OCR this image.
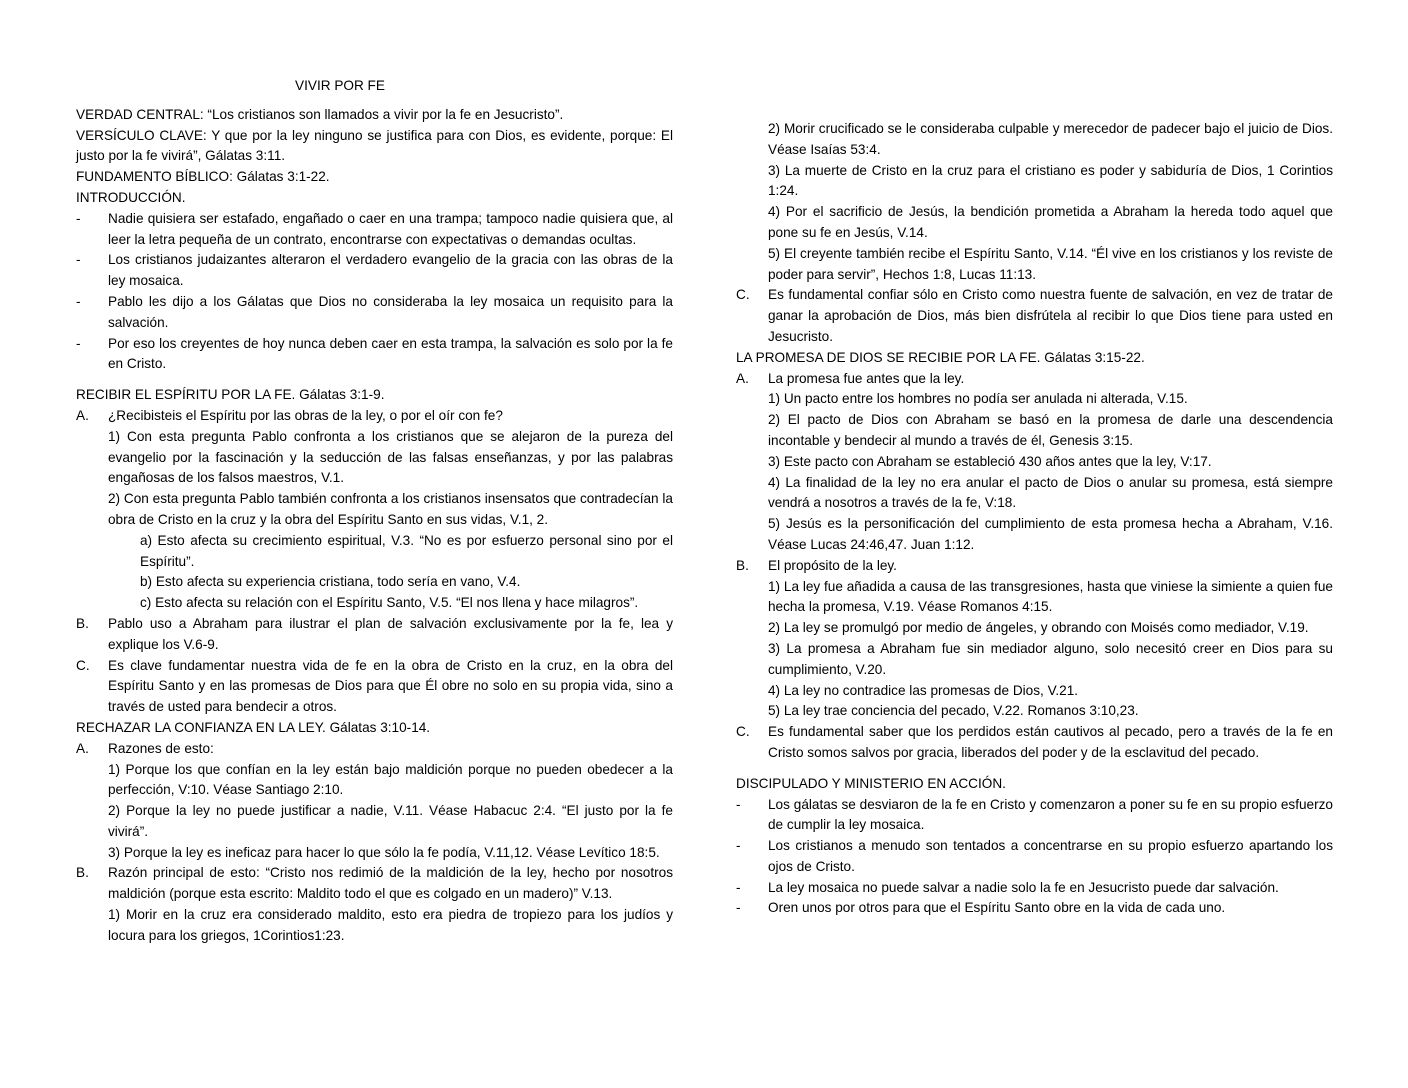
VIVIR POR FE
VERDAD CENTRAL: “Los cristianos son llamados a vivir por la fe en Jesucristo”.
VERSÍCULO CLAVE: Y que por la ley ninguno se justifica para con Dios, es evidente, porque: El justo por la fe vivirá”, Gálatas 3:11.
FUNDAMENTO BÍBLICO: Gálatas 3:1-22.
INTRODUCCIÓN.
- Nadie quisiera ser estafado, engañado o caer en una trampa; tampoco nadie quisiera que, al leer la letra pequeña de un contrato, encontrarse con expectativas o demandas ocultas.
- Los cristianos judaizantes alteraron el verdadero evangelio de la gracia con las obras de la ley mosaica.
- Pablo les dijo a los Gálatas que Dios no consideraba la ley mosaica un requisito para la salvación.
- Por eso los creyentes de hoy nunca deben caer en esta trampa, la salvación es solo por la fe en Cristo.
RECIBIR EL ESPÍRITU POR LA FE. Gálatas 3:1-9.
A. ¿Recibisteis el Espíritu por las obras de la ley, o por el oír con fe?
1) Con esta pregunta Pablo confronta a los cristianos que se alejaron de la pureza del evangelio por la fascinación y la seducción de las falsas enseñanzas, y por las palabras engañosas de los falsos maestros, V.1.
2) Con esta pregunta Pablo también confronta a los cristianos insensatos que contradecían la obra de Cristo en la cruz y la obra del Espíritu Santo en sus vidas, V.1, 2.
a) Esto afecta su crecimiento espiritual, V.3. “No es por esfuerzo personal sino por el Espíritu”.
b) Esto afecta su experiencia cristiana, todo sería en vano, V.4.
c) Esto afecta su relación con el Espíritu Santo, V.5. “El nos llena y hace milagros”.
B. Pablo uso a Abraham para ilustrar el plan de salvación exclusivamente por la fe, lea y explique los V.6-9.
C. Es clave fundamentar nuestra vida de fe en la obra de Cristo en la cruz, en la obra del Espíritu Santo y en las promesas de Dios para que Él obre no solo en su propia vida, sino a través de usted para bendecir a otros.
RECHAZAR LA CONFIANZA EN LA LEY. Gálatas 3:10-14.
A. Razones de esto:
1) Porque los que confían en la ley están bajo maldición porque no pueden obedecer a la perfección, V:10. Véase Santiago 2:10.
2) Porque la ley no puede justificar a nadie, V.11. Véase Habacuc 2:4. “El justo por la fe vivirá”.
3) Porque la ley es ineficaz para hacer lo que sólo la fe podía, V.11,12. Véase Levítico 18:5.
B. Razón principal de esto: “Cristo nos redimió de la maldición de la ley, hecho por nosotros maldición (porque esta escrito: Maldito todo el que es colgado en un madero)” V.13.
1) Morir en la cruz era considerado maldito, esto era piedra de tropiezo para los judíos y locura para los griegos, 1Corintios1:23.
2) Morir crucificado se le consideraba culpable y merecedor de padecer bajo el juicio de Dios. Véase Isaías 53:4.
3) La muerte de Cristo en la cruz para el cristiano es poder y sabiduría de Dios, 1 Corintios 1:24.
4) Por el sacrificio de Jesús, la bendición prometida a Abraham la hereda todo aquel que pone su fe en Jesús, V.14.
5) El creyente también recibe el Espíritu Santo, V.14. “Él vive en los cristianos y los reviste de poder para servir”, Hechos 1:8, Lucas 11:13.
C. Es fundamental confiar sólo en Cristo como nuestra fuente de salvación, en vez de tratar de ganar la aprobación de Dios, más bien disfrútela al recibir lo que Dios tiene para usted en Jesucristo.
LA PROMESA DE DIOS SE RECIBIE POR LA FE. Gálatas 3:15-22.
A. La promesa fue antes que la ley.
1) Un pacto entre los hombres no podía ser anulada ni alterada, V.15.
2) El pacto de Dios con Abraham se basó en la promesa de darle una descendencia incontable y bendecir al mundo a través de él, Genesis 3:15.
3) Este pacto con Abraham se estableció 430 años antes que la ley, V:17.
4) La finalidad de la ley no era anular el pacto de Dios o anular su promesa, está siempre vendrá a nosotros a través de la fe, V:18.
5) Jesús es la personificación del cumplimiento de esta promesa hecha a Abraham, V.16. Véase Lucas 24:46,47. Juan 1:12.
B. El propósito de la ley.
1) La ley fue añadida a causa de las transgresiones, hasta que viniese la simiente a quien fue hecha la promesa, V.19. Véase Romanos 4:15.
2) La ley se promulgó por medio de ángeles, y obrando con Moisés como mediador, V.19.
3) La promesa a Abraham fue sin mediador alguno, solo necesitó creer en Dios para su cumplimiento, V.20.
4) La ley no contradice las promesas de Dios, V.21.
5) La ley trae conciencia del pecado, V.22. Romanos 3:10,23.
C. Es fundamental saber que los perdidos están cautivos al pecado, pero a través de la fe en Cristo somos salvos por gracia, liberados del poder y de la esclavitud del pecado.
DISCIPULADO Y MINISTERIO EN ACCIÓN.
- Los gálatas se desviaron de la fe en Cristo y comenzaron a poner su fe en su propio esfuerzo de cumplir la ley mosaica.
- Los cristianos a menudo son tentados a concentrarse en su propio esfuerzo apartando los ojos de Cristo.
- La ley mosaica no puede salvar a nadie solo la fe en Jesucristo puede dar salvación.
- Oren unos por otros para que el Espíritu Santo obre en la vida de cada uno.
